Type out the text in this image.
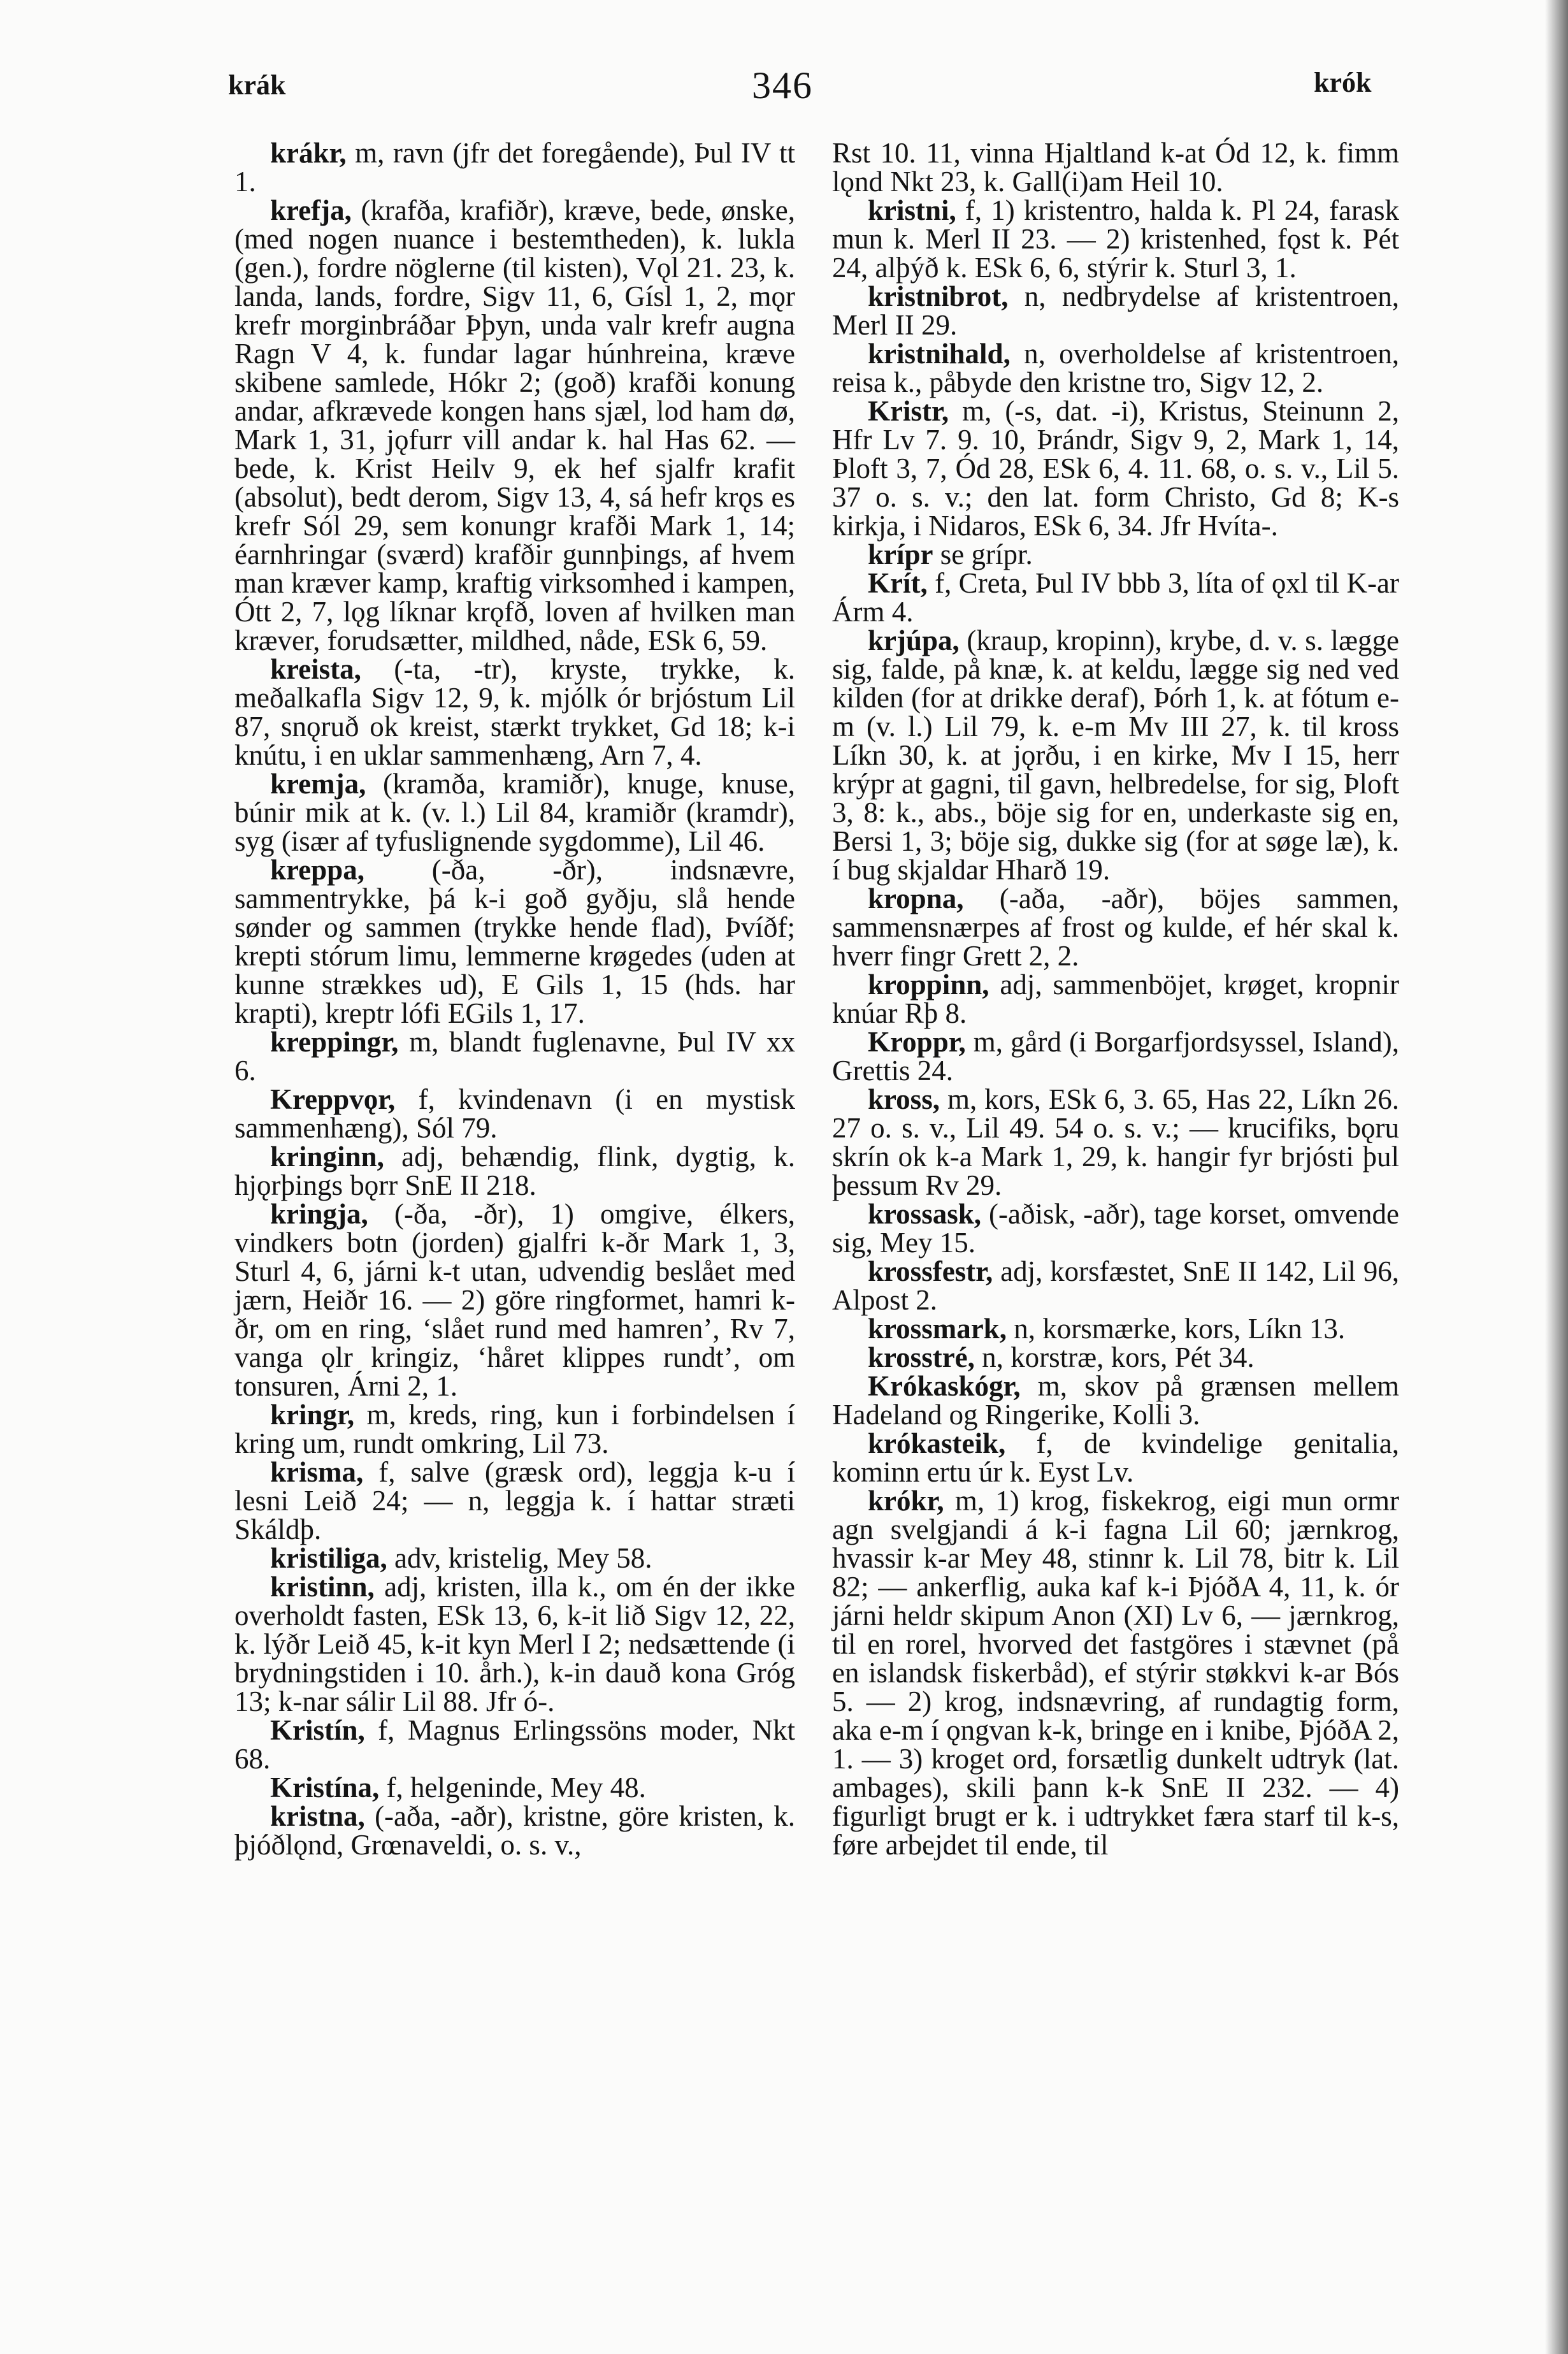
krák	346	krók

krákr, m, ravn (jfr det foregående), Þul IV tt 1.

krefja, (krafða, krafiðr), kræve, bede, ønske, (med nogen nuance i bestemtheden), k. lukla (gen.), fordre nöglerne (til kisten), Vǫl 21. 23, k. landa, lands, fordre, Sigv 11, 6, Gísl 1, 2, mǫr krefr morginbráðar Þþyn, unda valr krefr augna Ragn V 4, k. fundar lagar húnhreina, kræve skibene samlede, Hókr 2; (goð) krafði konung andar, afkrævede kongen hans sjæl, lod ham dø, Mark 1, 31, jǫfurr vill andar k. hal Has 62. — bede, k. Krist Heilv 9, ek hef sjalfr krafit (absolut), bedt derom, Sigv 13, 4, sá hefr krǫs es krefr Sól 29, sem konungr krafði Mark 1, 14; éarnhringar (sværd) krafðir gunnþings, af hvem man kræver kamp, kraftig virksomhed i kampen, Ótt 2, 7, lǫg líknar krǫfð, loven af hvilken man kræver, forudsætter, mildhed, nåde, ESk 6, 59.

kreista, (-ta, -tr), kryste, trykke, k. meðalkafla Sigv 12, 9, k. mjólk ór brjóstum Lil 87, snǫruð ok kreist, stærkt trykket, Gd 18; k-i knútu, i en uklar sammenhæng, Arn 7, 4.

kremja, (kramða, kramiðr), knuge, knuse, búnir mik at k. (v. l.) Lil 84, kramiðr (kramdr), syg (især af tyfuslignende sygdomme), Lil 46.

kreppa, (-ða, -ðr), indsnævre, sammentrykke, þá k-i goð gyðju, slå hende sønder og sammen (trykke hende flad), Þvíðf; krepti stórum limu, lemmerne krøgedes (uden at kunne strækkes ud), E Gils 1, 15 (hds. har krapti), kreptr lófi EGils 1, 17.

kreppingr, m, blandt fuglenavne, Þul IV xx 6.

Kreppvǫr, f, kvindenavn (i en mystisk sammenhæng), Sól 79.

kringinn, adj, behændig, flink, dygtig, k. hjǫrþings bǫrr SnE II 218.

kringja, (-ða, -ðr), 1) omgive, élkers, vindkers botn (jorden) gjalfri k-ðr Mark 1, 3, Sturl 4, 6, járni k-t utan, udvendig beslået med jærn, Heiðr 16. — 2) göre ringformet, hamri k-ðr, om en ring, ‘slået rund med hamren’, Rv 7, vanga ǫlr kringiz, ‘håret klippes rundt’, om tonsuren, Árni 2, 1.

kringr, m, kreds, ring, kun i forbindelsen í kring um, rundt omkring, Lil 73.

krisma, f, salve (græsk ord), leggja k-u í lesni Leið 24; — n, leggja k. í hattar stræti Skáldþ.

kristiliga, adv, kristelig, Mey 58.

kristinn, adj, kristen, illa k., om én der ikke overholdt fasten, ESk 13, 6, k-it lið Sigv 12, 22, k. lýðr Leið 45, k-it kyn Merl I 2; nedsættende (i brydningstiden i 10. årh.), k-in dauð kona Gróg 13; k-nar sálir Lil 88. Jfr ó-.

Kristín, f, Magnus Erlingssöns moder, Nkt 68.

Kristína, f, helgeninde, Mey 48.

kristna, (-aða, -aðr), kristne, göre kristen, k. þjóðlǫnd, Grœnaveldi, o. s. v.,

Rst 10. 11, vinna Hjaltland k-at Ód 12, k. fimm lǫnd Nkt 23, k. Gall(i)am Heil 10.

kristni, f, 1) kristentro, halda k. Pl 24, farask mun k. Merl II 23. — 2) kristenhed, fǫst k. Pét 24, alþýð k. ESk 6, 6, stýrir k. Sturl 3, 1.

kristnibrot, n, nedbrydelse af kristentroen, Merl II 29.

kristnihald, n, overholdelse af kristentroen, reisa k., påbyde den kristne tro, Sigv 12, 2.

Kristr, m, (-s, dat. -i), Kristus, Steinunn 2, Hfr Lv 7. 9. 10, Þrándr, Sigv 9, 2, Mark 1, 14, Þloft 3, 7, Ód 28, ESk 6, 4. 11. 68, o. s. v., Lil 5. 37 o. s. v.; den lat. form Christo, Gd 8; K-s kirkja, i Nidaros, ESk 6, 34. Jfr Hvíta-.

krípr se grípr.

Krít, f, Creta, Þul IV bbb 3, líta of ǫxl til K-ar Árm 4.

krjúpa, (kraup, kropinn), krybe, d. v. s. lægge sig, falde, på knæ, k. at keldu, lægge sig ned ved kilden (for at drikke deraf), Þórh 1, k. at fótum e-m (v. l.) Lil 79, k. e-m Mv III 27, k. til kross Líkn 30, k. at jǫrðu, i en kirke, Mv I 15, herr krýpr at gagni, til gavn, helbredelse, for sig, Þloft 3, 8: k., abs., böje sig for en, underkaste sig en, Bersi 1, 3; böje sig, dukke sig (for at søge læ), k. í bug skjaldar Hharð 19.

kropna, (-aða, -aðr), böjes sammen, sammensnærpes af frost og kulde, ef hér skal k. hverr fingr Grett 2, 2.

kroppinn, adj, sammenböjet, krøget, kropnir knúar Rþ 8.

Kroppr, m, gård (i Borgarfjordsyssel, Island), Grettis 24.

kross, m, kors, ESk 6, 3. 65, Has 22, Líkn 26. 27 o. s. v., Lil 49. 54 o. s. v.; — krucifiks, bǫru skrín ok k-a Mark 1, 29, k. hangir fyr brjósti þul þessum Rv 29.

krossask, (-aðisk, -aðr), tage korset, omvende sig, Mey 15.

krossfestr, adj, korsfæstet, SnE II 142, Lil 96, Alpost 2.

krossmark, n, korsmærke, kors, Líkn 13.

krosstré, n, korstræ, kors, Pét 34.

Krókaskógr, m, skov på grænsen mellem Hadeland og Ringerike, Kolli 3.

krókasteik, f, de kvindelige genitalia, kominn ertu úr k. Eyst Lv.

krókr, m, 1) krog, fiskekrog, eigi mun ormr agn svelgjandi á k-i fagna Lil 60; jærnkrog, hvassir k-ar Mey 48, stinnr k. Lil 78, bitr k. Lil 82; — ankerflig, auka kaf k-i ÞjóðA 4, 11, k. ór járni heldr skipum Anon (XI) Lv 6, — jærnkrog, til en rorel, hvorved det fastgöres i stævnet (på en islandsk fiskerbåd), ef stýrir støkkvi k-ar Bós 5. — 2) krog, indsnævring, af rundagtig form, aka e-m í ǫngvan k-k, bringe en i knibe, ÞjóðA 2, 1. — 3) kroget ord, forsætlig dunkelt udtryk (lat. ambages), skili þann k-k SnE II 232. — 4) figurligt brugt er k. i udtrykket færa starf til k-s, føre arbejdet til ende, til
